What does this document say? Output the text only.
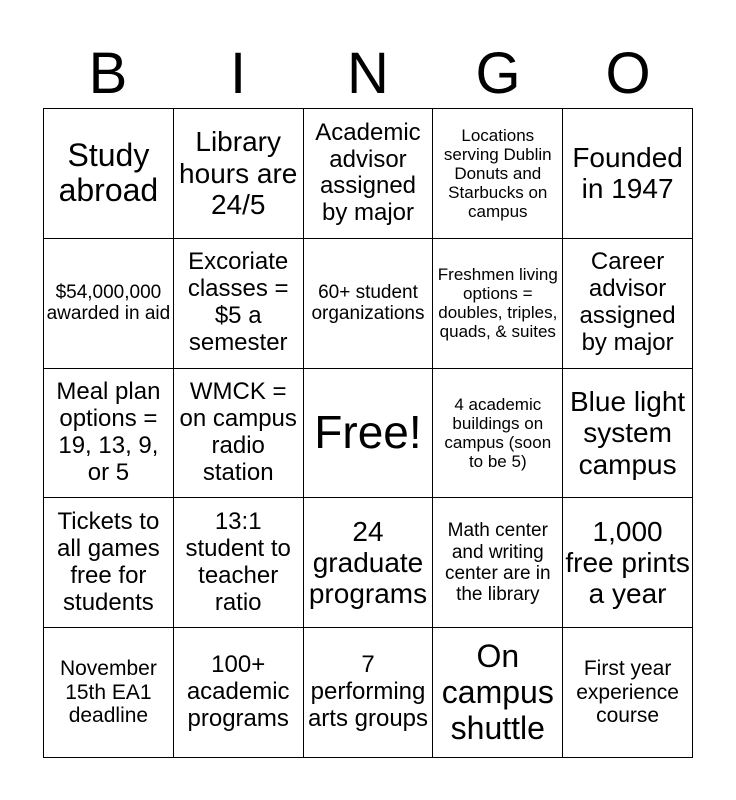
B	I	N	G	O
Study abroad
Library hours are 24/5
Academic advisor assigned by major
Locations serving Dublin Donuts and Starbucks on campus
Founded in 1947
$54,000,000 awarded in aid
Excoriate classes = $5 a semester
60+ student organizations
Freshmen living options = doubles, triples, quads, & suites
Career advisor assigned by major
Meal plan options = 19, 13, 9, or 5
WMCK = on campus radio station
Free!
4 academic buildings on campus (soon to be 5)
Blue light system campus
Tickets to all games free for students
13:1 student to teacher ratio
24 graduate programs
Math center and writing center are in the library
1,000 free prints a year
November 15th EA1 deadline
100+ academic programs
7 performing arts groups
On campus shuttle
First year experience course
